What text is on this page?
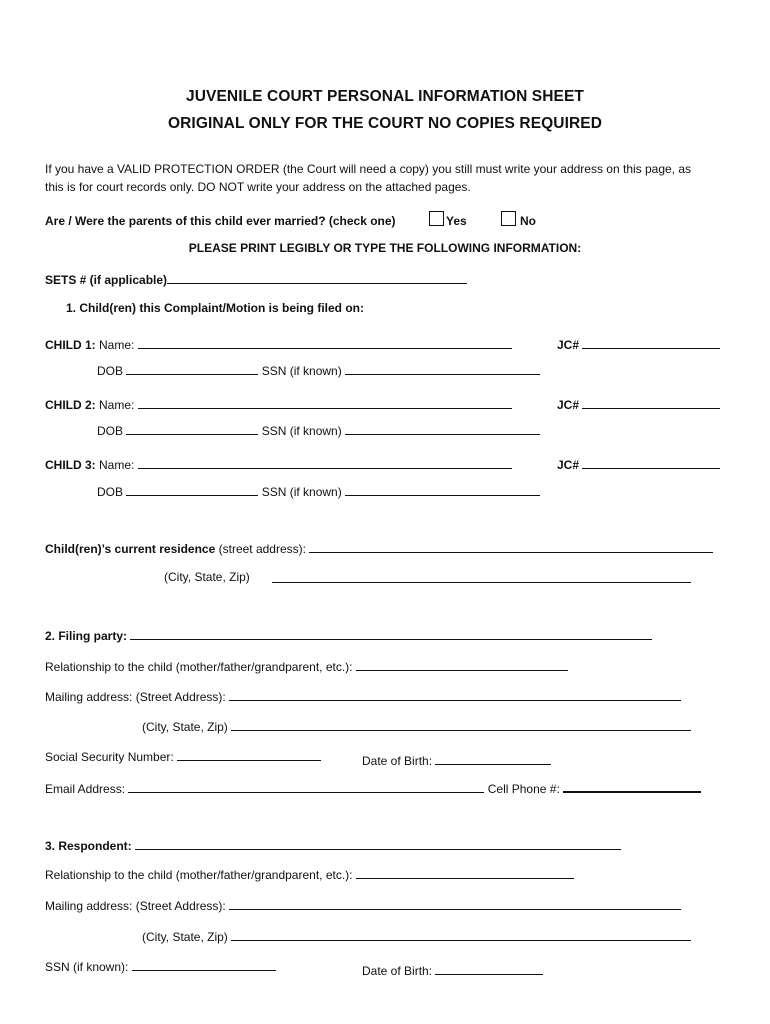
JUVENILE COURT PERSONAL INFORMATION SHEET
ORIGINAL ONLY FOR THE COURT NO COPIES REQUIRED
If you have a VALID PROTECTION ORDER (the Court will need a copy) you still must write your address on this page, as
this is for court records only. DO NOT write your address on the attached pages.
Are / Were the parents of this child ever married? (check one)	Yes	No
PLEASE PRINT LEGIBLY OR TYPE THE FOLLOWING INFORMATION:
SETS # (if applicable)
1. Child(ren) this Complaint/Motion is being filed on:
CHILD 1: Name:	JC#
DOB	SSN (if known)
CHILD 2: Name:	JC#
DOB	SSN (if known)
CHILD 3: Name:	JC#
DOB	SSN (if known)
Child(ren)’s current residence (street address):
(City, State, Zip)
2. Filing party:
Relationship to the child (mother/father/grandparent, etc.):
Mailing address: (Street Address):
(City, State, Zip)
Social Security Number:	Date of Birth:
Email Address:	Cell Phone #:
3. Respondent:
Relationship to the child (mother/father/grandparent, etc.):
Mailing address: (Street Address):
(City, State, Zip)
SSN (if known):	Date of Birth:
